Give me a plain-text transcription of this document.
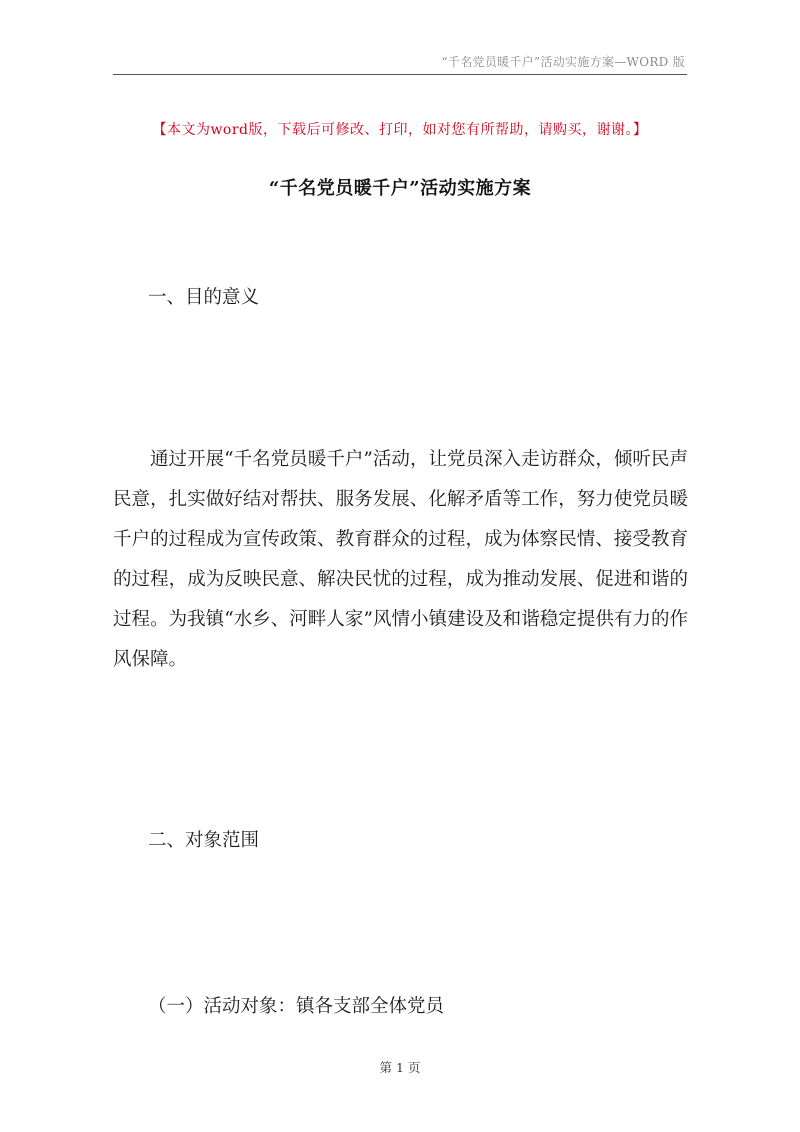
“千名党员暖千户”活动实施方案—WORD 版
【本文为word版，下载后可修改、打印，如对您有所帮助，请购买，谢谢。】
“千名党员暖千户”活动实施方案
一、目的意义

通过开展“千名党员暖千户”活动，让党员深入走访群众，倾听民声民意，扎实做好结对帮扶、服务发展、化解矛盾等工作，努力使党员暖千户的过程成为宣传政策、教育群众的过程，成为体察民情、接受教育的过程，成为反映民意、解决民忧的过程，成为推动发展、促进和谐的过程。为我镇“水乡、河畔人家”风情小镇建设及和谐稳定提供有力的作风保障。

二、对象范围
（一）活动对象：镇各支部全体党员
第 1 页
